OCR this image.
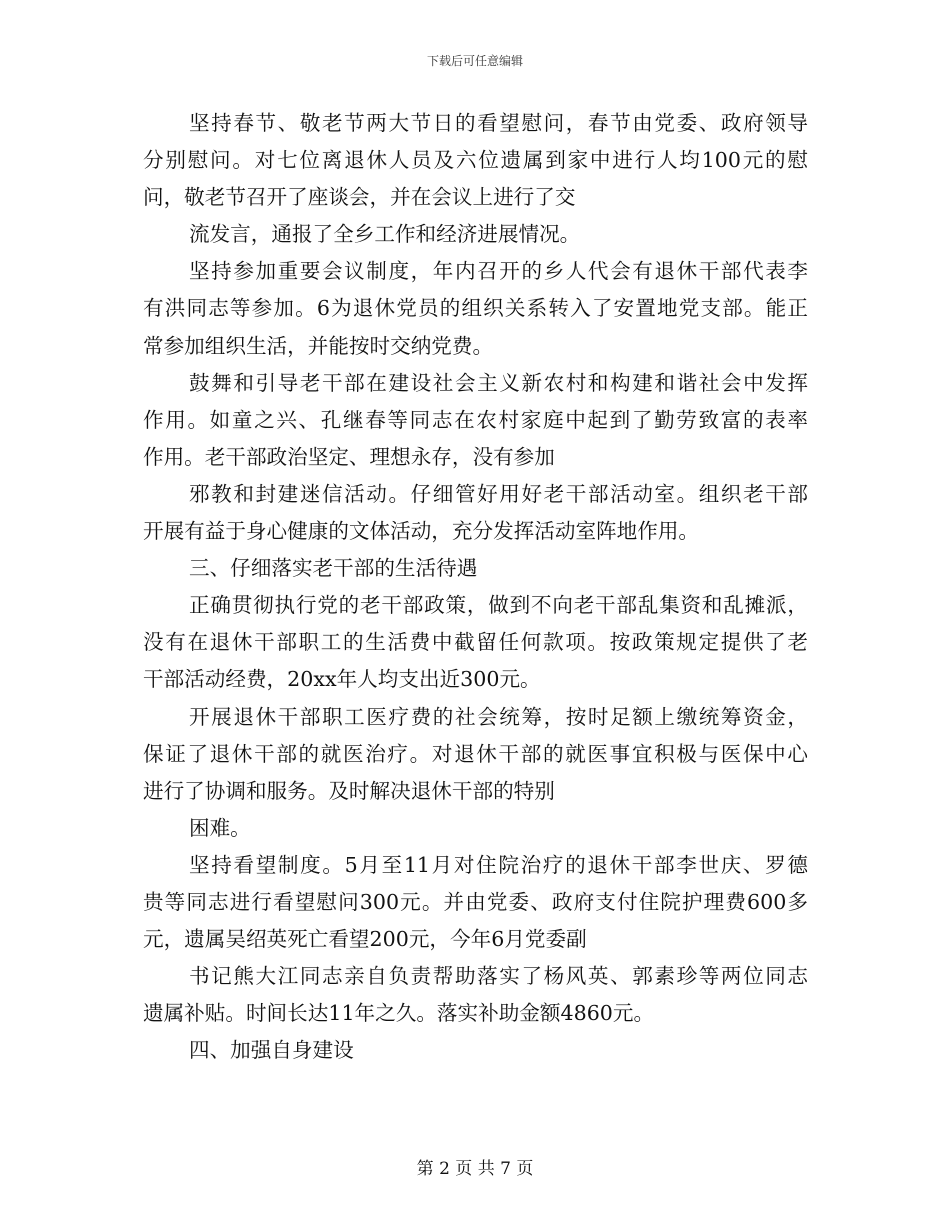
下载后可任意编辑
坚持春节、敬老节两大节日的看望慰问，春节由党委、政府领导
分别慰问。对七位离退休人员及六位遗属到家中进行人均100元的慰
问，敬老节召开了座谈会，并在会议上进行了交
流发言，通报了全乡工作和经济进展情况。
坚持参加重要会议制度，年内召开的乡人代会有退休干部代表李
有洪同志等参加。6为退休党员的组织关系转入了安置地党支部。能正
常参加组织生活，并能按时交纳党费。
鼓舞和引导老干部在建设社会主义新农村和构建和谐社会中发挥
作用。如童之兴、孔继春等同志在农村家庭中起到了勤劳致富的表率
作用。老干部政治坚定、理想永存，没有参加
邪教和封建迷信活动。仔细管好用好老干部活动室。组织老干部
开展有益于身心健康的文体活动，充分发挥活动室阵地作用。
三、仔细落实老干部的生活待遇
正确贯彻执行党的老干部政策，做到不向老干部乱集资和乱摊派，
没有在退休干部职工的生活费中截留任何款项。按政策规定提供了老
干部活动经费，20xx年人均支出近300元。
开展退休干部职工医疗费的社会统筹，按时足额上缴统筹资金，
保证了退休干部的就医治疗。对退休干部的就医事宜积极与医保中心
进行了协调和服务。及时解决退休干部的特别
困难。
坚持看望制度。5月至11月对住院治疗的退休干部李世庆、罗德
贵等同志进行看望慰问300元。并由党委、政府支付住院护理费600多
元，遗属吴绍英死亡看望200元，今年6月党委副
书记熊大江同志亲自负责帮助落实了杨风英、郭素珍等两位同志
遗属补贴。时间长达11年之久。落实补助金额4860元。
四、加强自身建设
第 2 页 共 7 页
